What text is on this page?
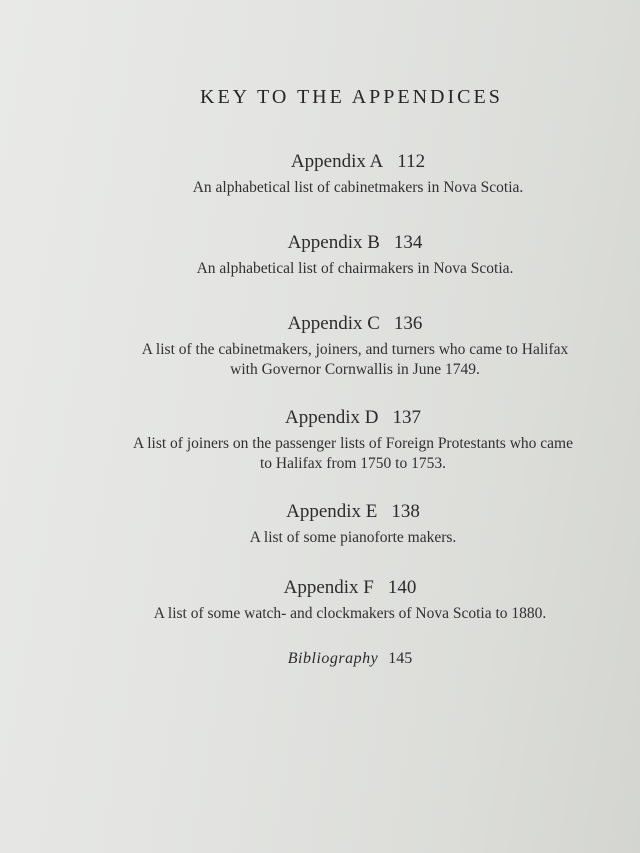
KEY TO THE APPENDICES
Appendix A 112
An alphabetical list of cabinetmakers in Nova Scotia.
Appendix B 134
An alphabetical list of chairmakers in Nova Scotia.
Appendix C 136
A list of the cabinetmakers, joiners, and turners who came to Halifax
with Governor Cornwallis in June 1749.
Appendix D 137
A list of joiners on the passenger lists of Foreign Protestants who came
to Halifax from 1750 to 1753.
Appendix E 138
A list of some pianoforte makers.
Appendix F 140
A list of some watch- and clockmakers of Nova Scotia to 1880.
Bibliography 145
